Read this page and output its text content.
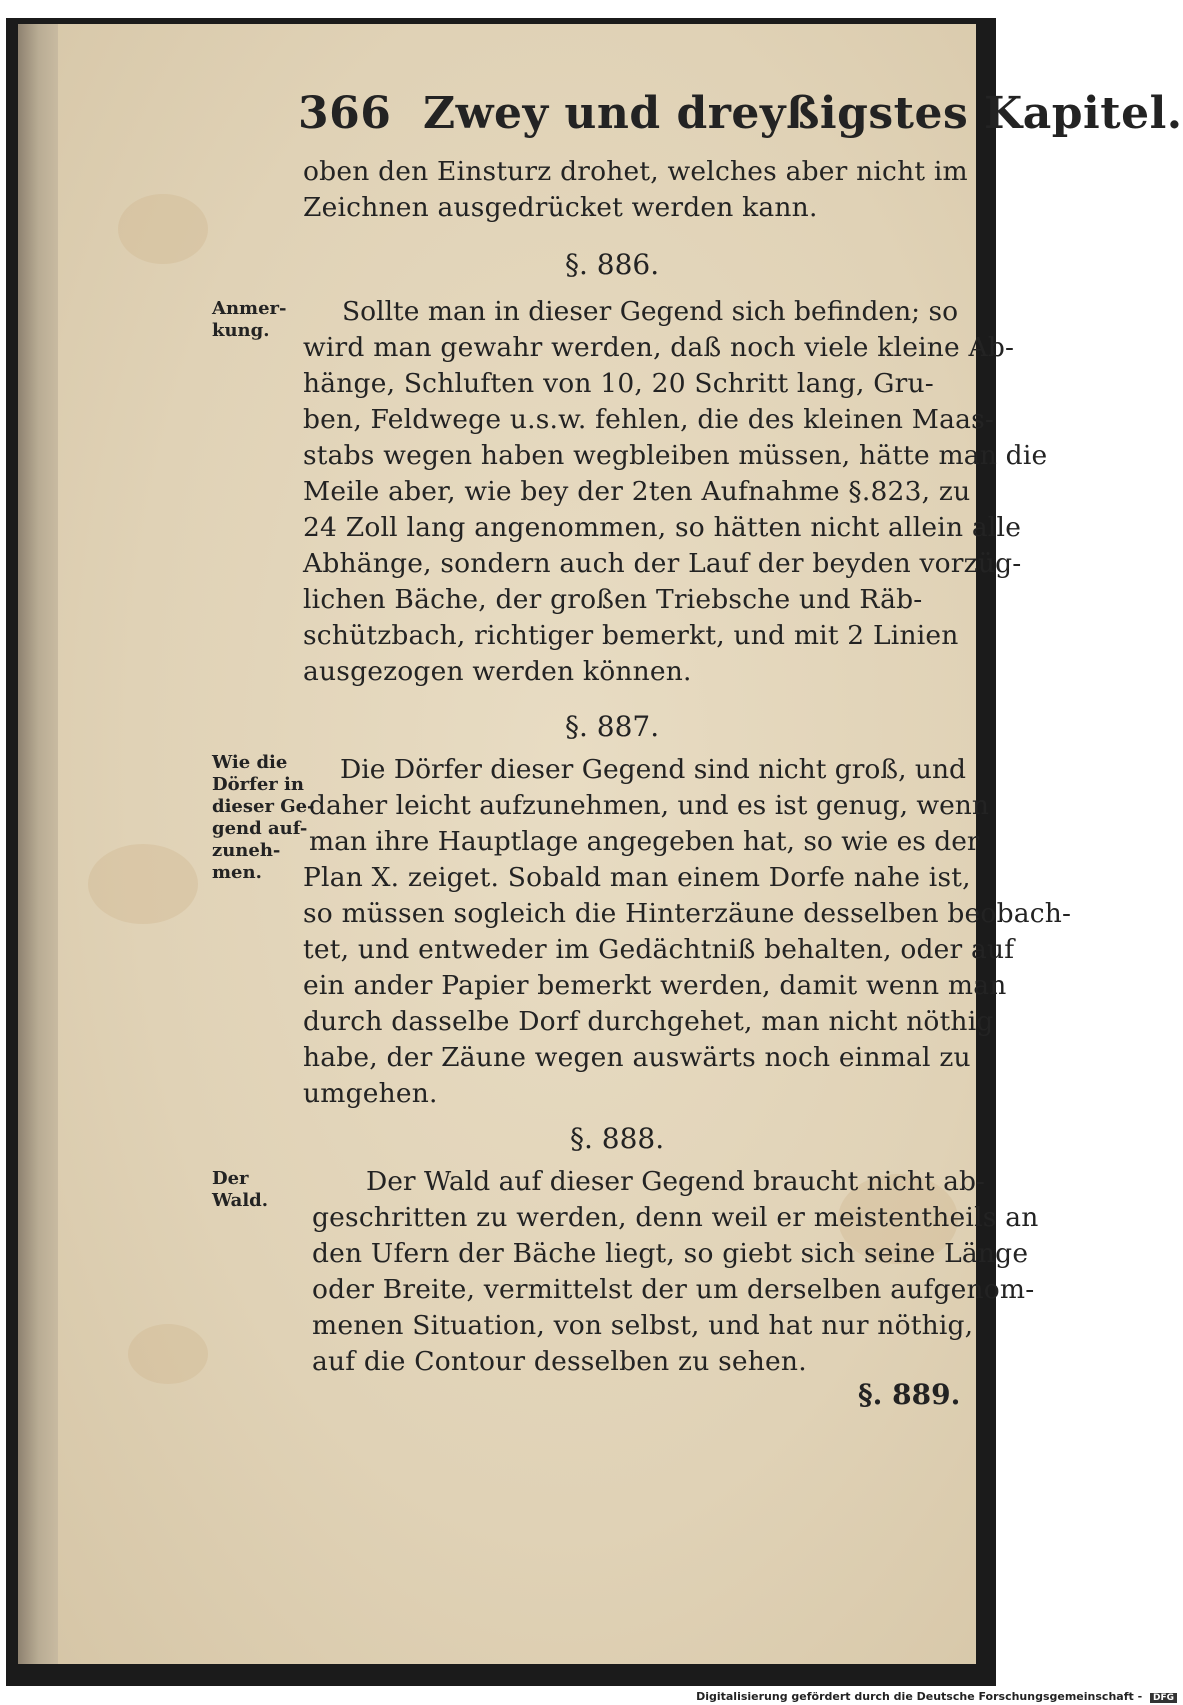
366 Zwey und dreyßigstes Kapitel.
oben den Einsturz drohet, welches aber nicht im
Zeichnen ausgedrücket werden kann.
§. 886.
Anmer-
kung.
Sollte man in dieser Gegend sich befinden; so
wird man gewahr werden, daß noch viele kleine Ab-
hänge, Schluften von 10, 20 Schritt lang, Gru-
ben, Feldwege u.s.w. fehlen, die des kleinen Maas-
stabs wegen haben wegbleiben müssen, hätte man die
Meile aber, wie bey der 2ten Aufnahme §.823, zu
24 Zoll lang angenommen, so hätten nicht allein alle
Abhänge, sondern auch der Lauf der beyden vorzüg-
lichen Bäche, der großen Triebsche und Räb-
schützbach, richtiger bemerkt, und mit 2 Linien
ausgezogen werden können.
§. 887.
Wie die
Dörfer in
dieser Ge-
gend auf-
zuneh-
men.
Die Dörfer dieser Gegend sind nicht groß, und
daher leicht aufzunehmen, und es ist genug, wenn
man ihre Hauptlage angegeben hat, so wie es der
Plan X. zeiget. Sobald man einem Dorfe nahe ist,
so müssen sogleich die Hinterzäune desselben beobach-
tet, und entweder im Gedächtniß behalten, oder auf
ein ander Papier bemerkt werden, damit wenn man
durch dasselbe Dorf durchgehet, man nicht nöthig
habe, der Zäune wegen auswärts noch einmal zu
umgehen.
§. 888.
Der
Wald.
Der Wald auf dieser Gegend braucht nicht ab-
geschritten zu werden, denn weil er meistentheils an
den Ufern der Bäche liegt, so giebt sich seine Länge
oder Breite, vermittelst der um derselben aufgenom-
menen Situation, von selbst, und hat nur nöthig,
auf die Contour desselben zu sehen.
§. 889.
Digitalisierung gefördert durch die Deutsche Forschungsgemeinschaft - DFG
